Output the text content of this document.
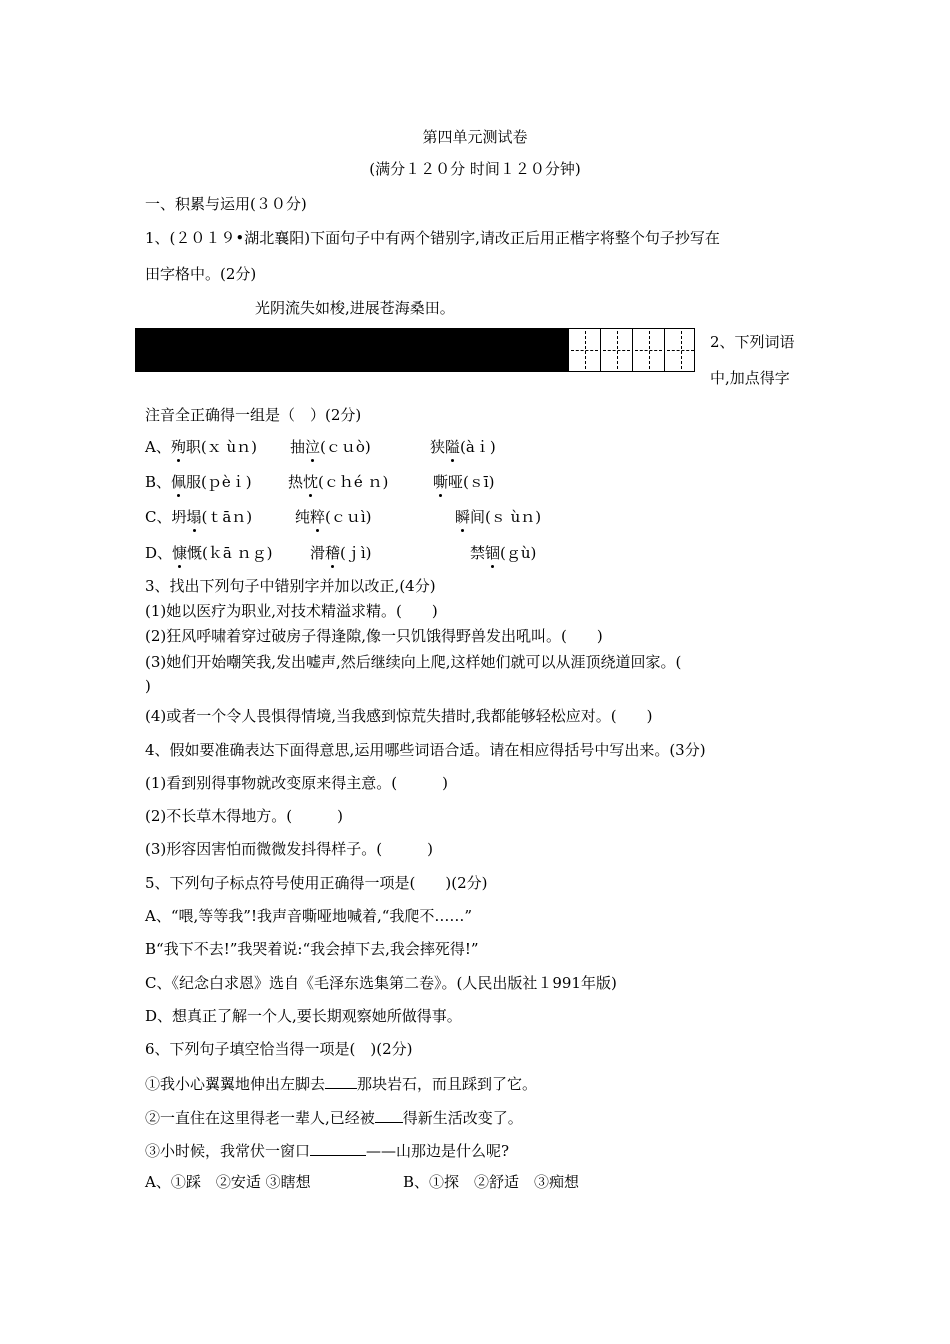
第四单元测试卷
(满分１２０分 时间１２０分钟)
一、积累与运用(３０分)
1、(２０１９•湖北襄阳)下面句子中有两个错别字,请改正后用正楷字将整个句子抄写在
田字格中。(2分)
光阴流失如梭,进展苍海桑田。
2、下列词语
中,加点得字
注音全正确得一组是（　）(2分)
A、殉职(ｘ ùｎ) 抽泣(ｃｕò)	狭隘(àｉ)
B、佩服(ｐèｉ) 热忱(ｃｈé ｎ)	嘶哑(ｓī)
C、坍塌(ｔāｎ)	纯粹(ｃｕì)	瞬间(ｓ ùｎ)
D、慷慨(ｋā ｎｇ)	滑稽(ｊì)	禁锢(ｇù)
3、找出下列句子中错别字并加以改正,(4分)
(1)她以医疗为职业,对技术精溢求精。(　　)
(2)狂风呼啸着穿过破房子得逢隙,像一只饥饿得野兽发出吼叫。(　　)
(3)她们开始嘲笑我,发出嘘声,然后继续向上爬,这样她们就可以从涯顶绕道回家。(
)
(4)或者一个令人畏惧得情境,当我感到惊荒失措时,我都能够轻松应对。(　　)
4、假如要准确表达下面得意思,运用哪些词语合适。请在相应得括号中写出来。(3分)
(1)看到别得事物就改变原来得主意。(　　　)
(2)不长草木得地方。(　　　)
(3)形容因害怕而微微发抖得样子。(　　　)
5、下列句子标点符号使用正确得一项是(　　)(2分)
A、“喂,等等我”!我声音嘶哑地喊着,“我爬不……”
B“我下不去!”我哭着说:“我会掉下去,我会摔死得!”
C、《纪念白求恩》选自《毛泽东选集第二卷》。(人民出版社１991年版)
D、想真正了解一个人,要长期观察她所做得事。
6、下列句子填空恰当得一项是(　)(2分)
①我小心翼翼地伸出左脚去 那块岩石，而且踩到了它。
②一直住在这里得老一辈人,已经被 得新生活改变了。
③小时候，我常伏一窗口	——山那边是什么呢?
A、①踩　②安适 ③瞎想	B、①探　②舒适　③痴想
